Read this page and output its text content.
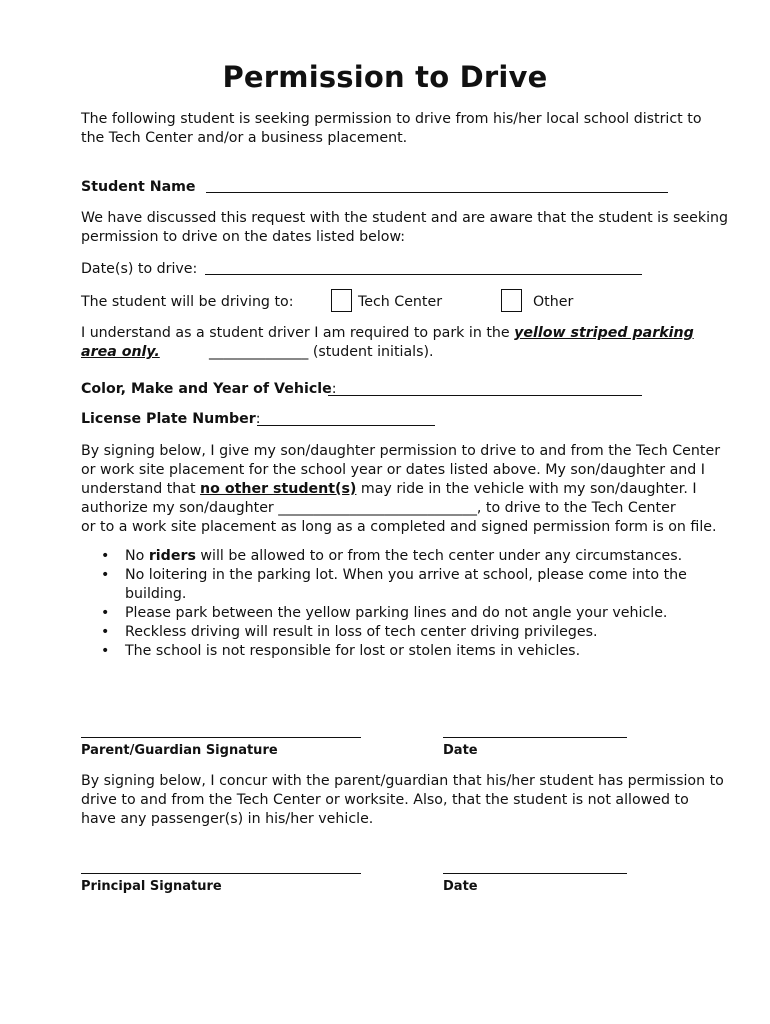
Permission to Drive
The following student is seeking permission to drive from his/her local school district to
the Tech Center and/or a business placement.
Student Name
We have discussed this request with the student and are aware that the student is seeking
permission to drive on the dates listed below:
Date(s) to drive:
The student will be driving to:	Tech Center	Other
I understand as a student driver I am required to park in the yellow striped parking
area only.	______________ (student initials).
Color, Make and Year of Vehicle:
License Plate Number:
By signing below, I give my son/daughter permission to drive to and from the Tech Center
or work site placement for the school year or dates listed above. My son/daughter and I
understand that no other student(s) may ride in the vehicle with my son/daughter. I
authorize my son/daughter ____________________________, to drive to the Tech Center
or to a work site placement as long as a completed and signed permission form is on file.
• No riders will be allowed to or from the tech center under any circumstances.
• No loitering in the parking lot. When you arrive at school, please come into the
building.
• Please park between the yellow parking lines and do not angle your vehicle.
• Reckless driving will result in loss of tech center driving privileges.
• The school is not responsible for lost or stolen items in vehicles.
Parent/Guardian Signature	Date
By signing below, I concur with the parent/guardian that his/her student has permission to
drive to and from the Tech Center or worksite. Also, that the student is not allowed to
have any passenger(s) in his/her vehicle.
Principal Signature	Date
